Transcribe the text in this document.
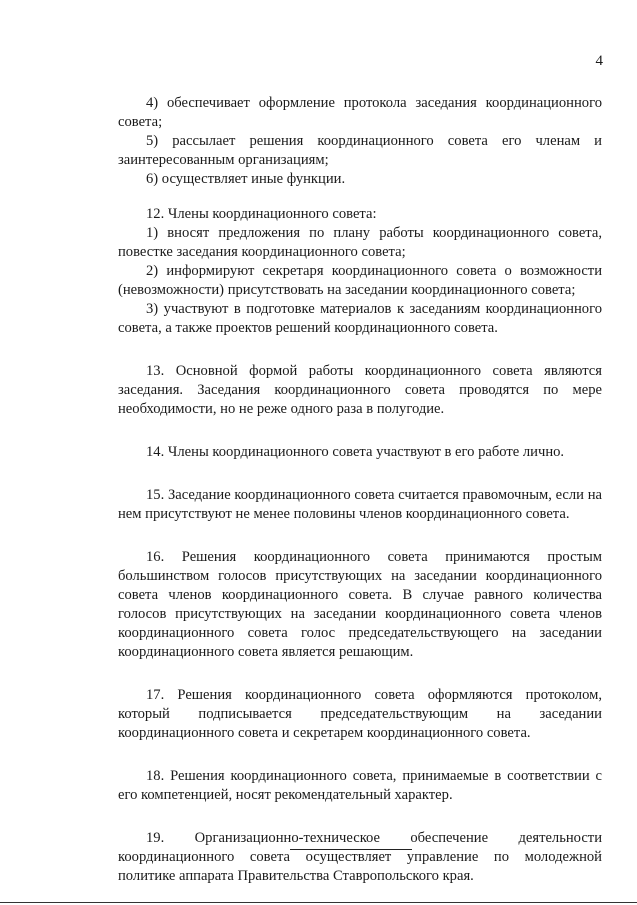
4

4) обеспечивает оформление протокола заседания координационного совета;

5) рассылает решения координационного совета его членам и заинтересованным организациям;

6) осуществляет иные функции.

12. Члены координационного совета:

1) вносят предложения по плану работы координационного совета, повестке заседания координационного совета;

2) информируют секретаря координационного совета о возможности (невозможности) присутствовать на заседании координационного совета;

3) участвуют в подготовке материалов к заседаниям координационного совета, а также проектов решений координационного совета.

13. Основной формой работы координационного совета являются заседания. Заседания координационного совета проводятся по мере необходимости, но не реже одного раза в полугодие.

14. Члены координационного совета участвуют в его работе лично.

15. Заседание координационного совета считается правомочным, если на нем присутствуют не менее половины членов координационного совета.

16. Решения координационного совета принимаются простым большинством голосов присутствующих на заседании координационного совета членов координационного совета. В случае равного количества голосов присутствующих на заседании координационного совета членов координационного совета голос председательствующего на заседании координационного совета является решающим.

17. Решения координационного совета оформляются протоколом, который подписывается председательствующим на заседании координационного совета и секретарем координационного совета.

18. Решения координационного совета, принимаемые в соответствии с его компетенцией, носят рекомендательный характер.

19. Организационно-техническое обеспечение деятельности координационного совета осуществляет управление по молодежной политике аппарата Правительства Ставропольского края.
